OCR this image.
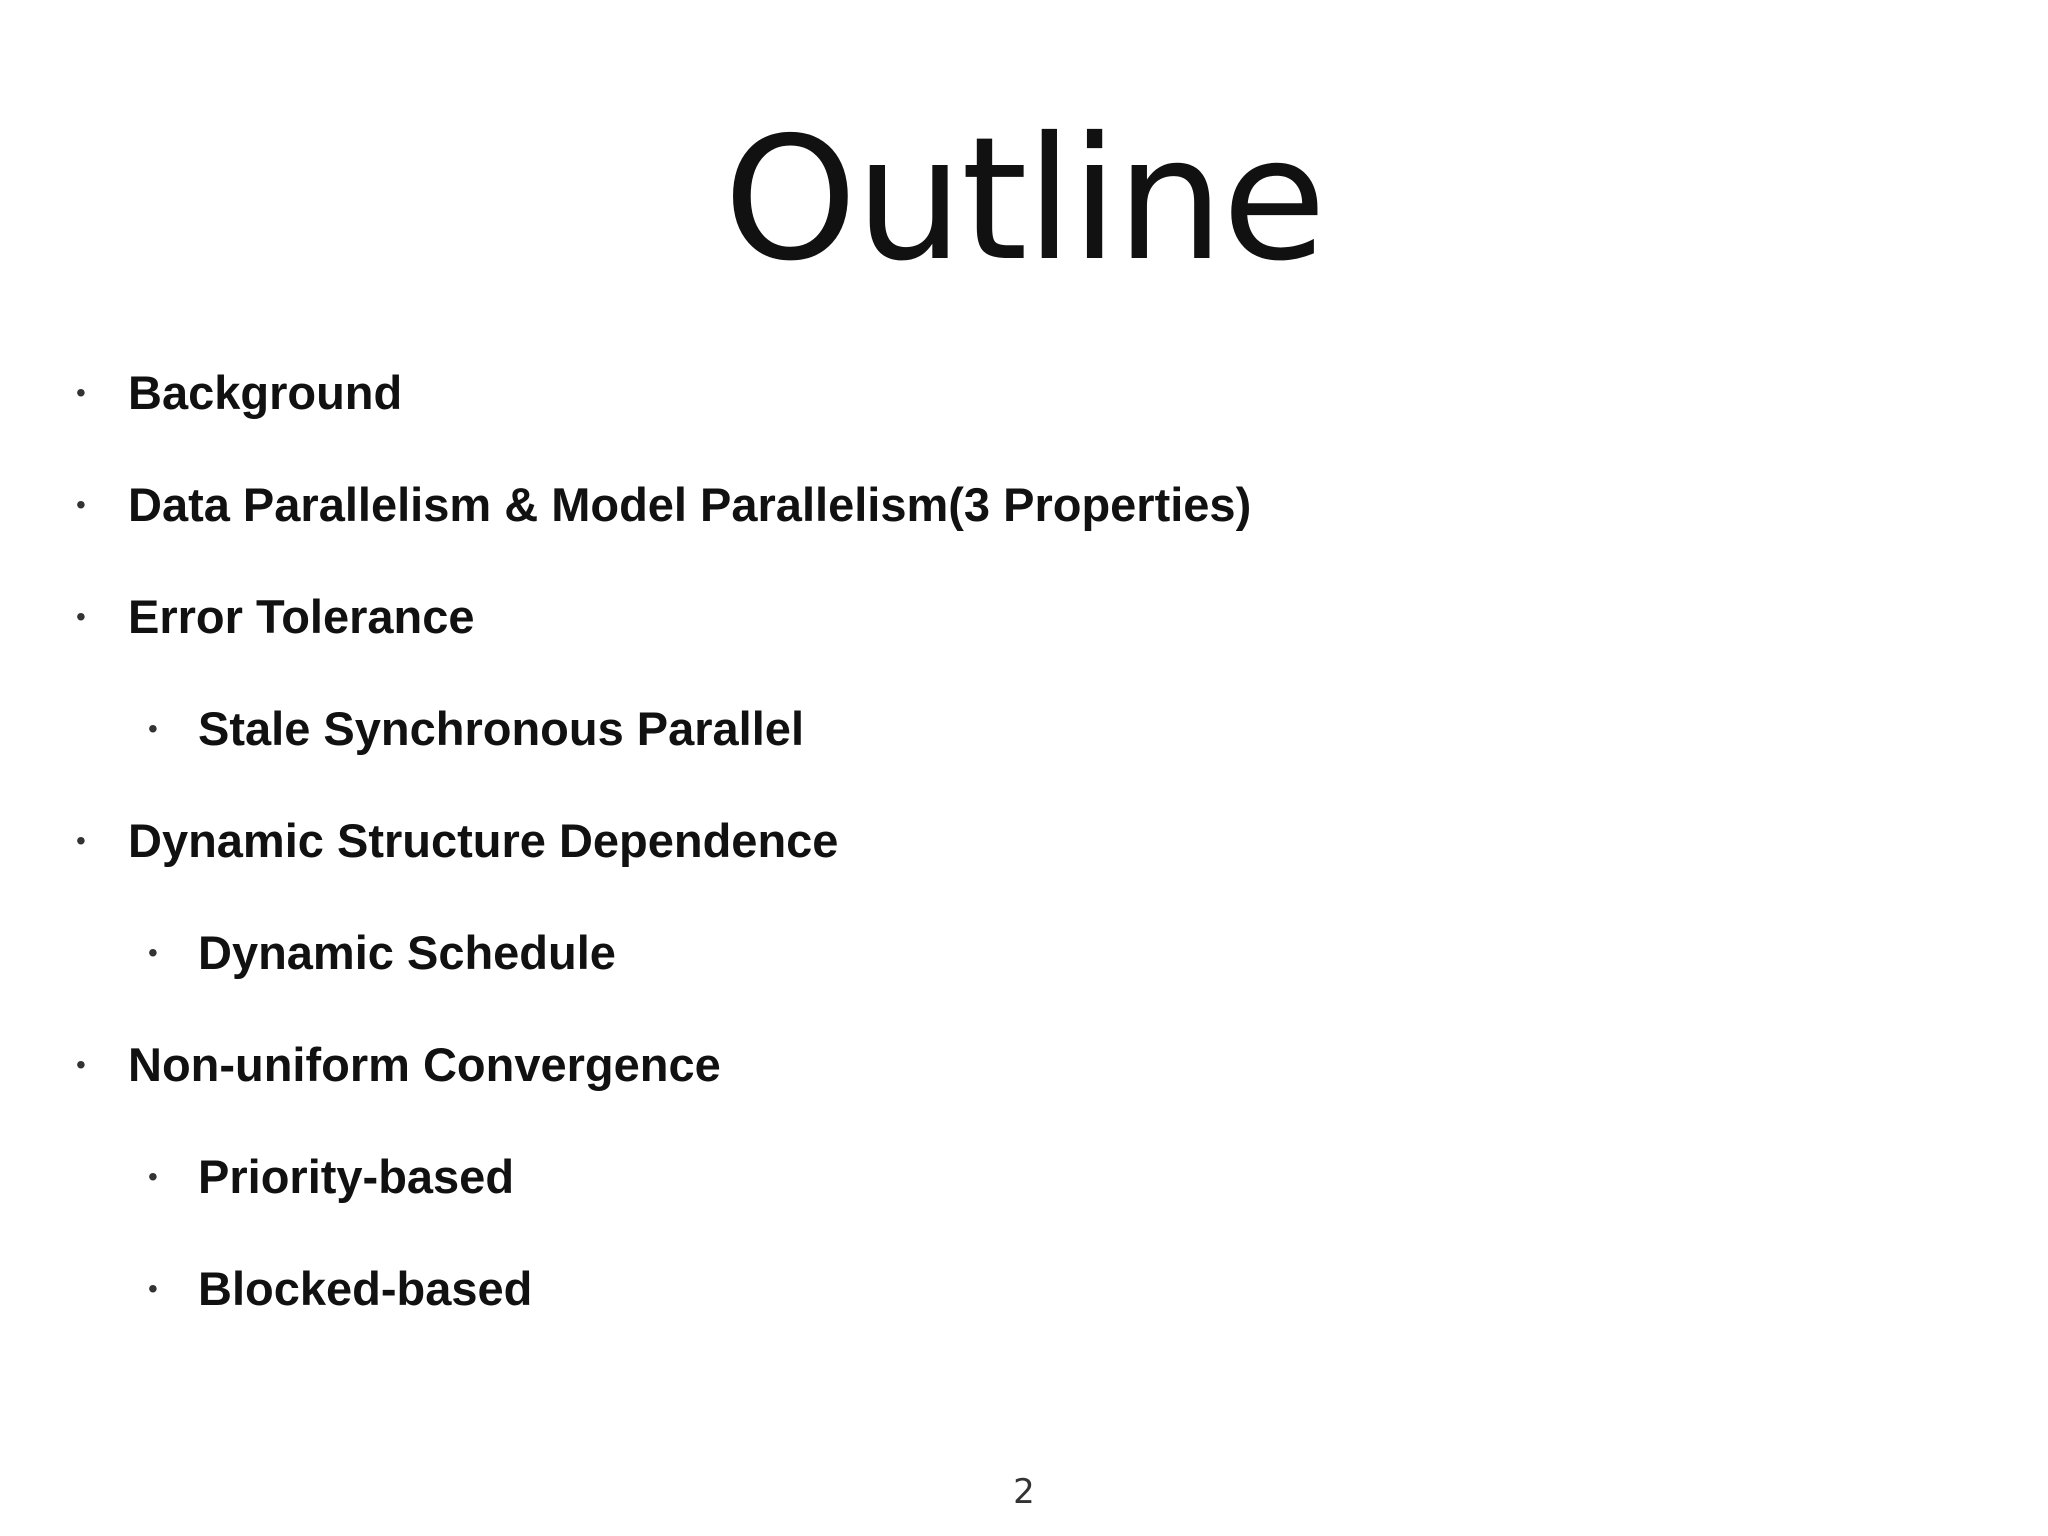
Outline
• Background
• Data Parallelism & Model Parallelism(3 Properties)
• Error Tolerance
• Stale Synchronous Parallel
• Dynamic Structure Dependence
• Dynamic Schedule
• Non-uniform Convergence
• Priority-based
• Blocked-based
2
